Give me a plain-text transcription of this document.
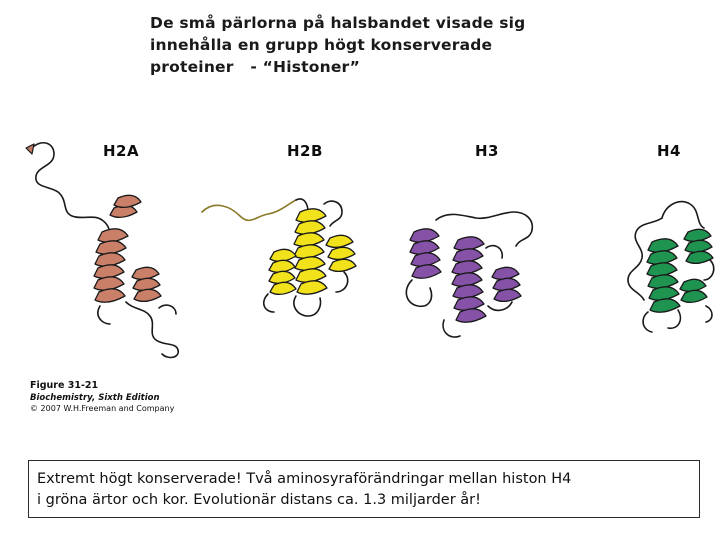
De små pärlorna på halsbandet visade sig
innehålla en grupp högt konserverade
proteiner   - “Histoner”
H2A	H2B	H3	H4
Figure 31-21
Biochemistry, Sixth Edition
© 2007 W.H.Freeman and Company
Extremt högt konserverade! Två aminosyraförändringar mellan histon H4
i gröna ärtor och kor. Evolutionär distans ca. 1.3 miljarder år!
